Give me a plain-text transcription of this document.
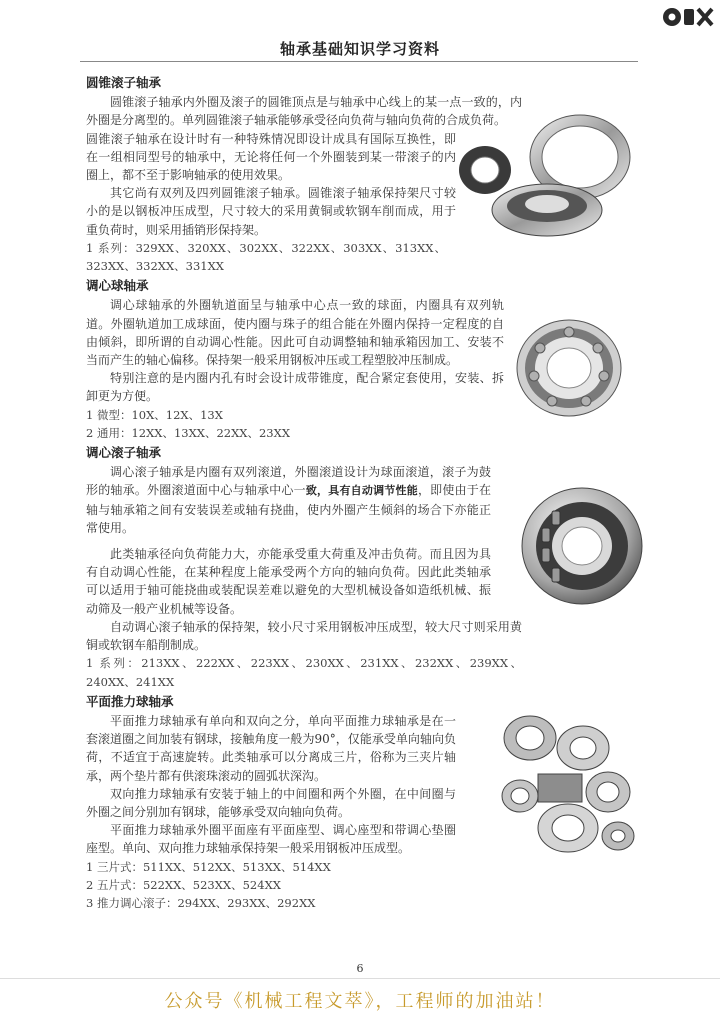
轴承基础知识学习资料
圆锥滚子轴承

圆锥滚子轴承内外圈及滚子的圆锥顶点是与轴承中心线上的某一点一致的，内外圈是分离型的。单列圆锥滚子轴承能够承受径向负荷与轴向负荷的合成负荷。

圆锥滚子轴承在设计时有一种特殊情况即设计成具有国际互换性，即在一组相同型号的轴承中，无论将任何一个外圈装到某一带滚子的内圈上，都不至于影响轴承的使用效果。

其它尚有双列及四列圆锥滚子轴承。圆锥滚子轴承保持架尺寸较小的是以钢板冲压成型，尺寸较大的采用黄铜或软钢车削而成，用于重负荷时，则采用插销形保持架。

1 系列：329XX、320XX、302XX、322XX、303XX、313XX、323XX、332XX、331XX

调心球轴承

调心球轴承的外圈轨道面呈与轴承中心点一致的球面，内圈具有双列轨道。外圈轨道加工成球面，使内圈与珠子的组合能在外圈内保持一定程度的自由倾斜，即所谓的自动调心性能。因此可自动调整轴和轴承箱因加工、安装不当而产生的轴心偏移。保持架一般采用钢板冲压或工程塑胶冲压制成。

特别注意的是内圈内孔有时会设计成带锥度，配合紧定套使用，安装、拆卸更为方便。

1 微型：10X、12X、13X

2 通用：12XX、13XX、22XX、23XX

调心滚子轴承

调心滚子轴承是内圈有双列滚道，外圈滚道设计为球面滚道，滚子为鼓形的轴承。外圈滚道面中心与轴承中心一致，具有自动调节性能，即使由于在轴与轴承箱之间有安装误差或轴有挠曲，使内外圈产生倾斜的场合下亦能正常使用。

此类轴承径向负荷能力大，亦能承受重大荷重及冲击负荷。而且因为具有自动调心性能，在某种程度上能承受两个方向的轴向负荷。因此此类轴承可以适用于轴可能挠曲或装配误差难以避免的大型机械设备如造纸机械、振动筛及一般产业机械等设备。

自动调心滚子轴承的保持架，较小尺寸采用钢板冲压成型，较大尺寸则采用黄铜或软钢车船削制成。

1 系列：213XX、222XX、223XX、230XX、231XX、232XX、239XX、240XX、241XX

平面推力球轴承

平面推力球轴承有单向和双向之分，单向平面推力球轴承是在一套滚道圈之间加装有钢球，接触角度一般为90°，仅能承受单向轴向负荷，不适宜于高速旋转。此类轴承可以分离成三片，俗称为三夹片轴承，两个垫片都有供滚珠滚动的圆弧状深沟。

双向推力球轴承有安装于轴上的中间圈和两个外圈，在中间圈与外圈之间分别加有钢球，能够承受双向轴向负荷。

平面推力球轴承外圈平面座有平面座型、调心座型和带调心垫圈座型。单向、双向推力球轴承保持架一般采用钢板冲压成型。

1 三片式：511XX、512XX、513XX、514XX

2 五片式：522XX、523XX、524XX

3 推力调心滚子：294XX、293XX、292XX

6
公众号《机械工程文萃》，工程师的加油站！
